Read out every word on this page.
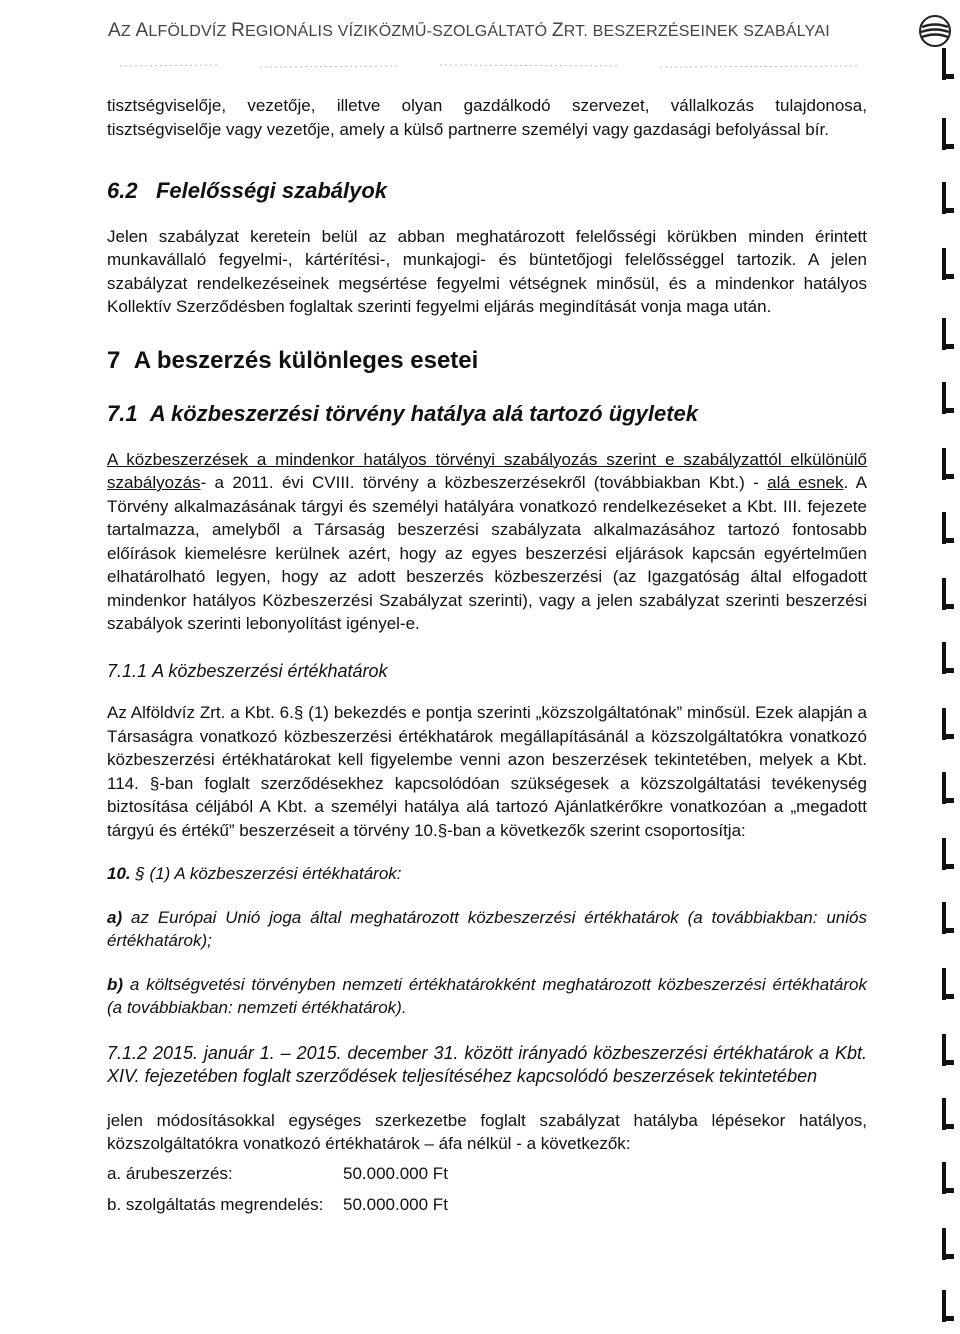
AZ ALFÖLDVÍZ REGIONÁLIS VÍZIKÖZMŰ-SZOLGÁLTATÓ ZRT. BESZERZÉSEINEK SZABÁLYAI

tisztségviselője, vezetője, illetve olyan gazdálkodó szervezet, vállalkozás tulajdonosa, tisztségviselője vagy vezetője, amely a külső partnerre személyi vagy gazdasági befolyással bír.

6.2 Felelősségi szabályok

Jelen szabályzat keretein belül az abban meghatározott felelősségi körükben minden érintett munkavállaló fegyelmi-, kártérítési-, munkajogi- és büntetőjogi felelősséggel tartozik. A jelen szabályzat rendelkezéseinek megsértése fegyelmi vétségnek minősül, és a mindenkor hatályos Kollektív Szerződésben foglaltak szerinti fegyelmi eljárás megindítását vonja maga után.

7 A beszerzés különleges esetei

7.1 A közbeszerzési törvény hatálya alá tartozó ügyletek

A közbeszerzések a mindenkor hatályos törvényi szabályozás szerint e szabályzattól elkülönülő szabályozás- a 2011. évi CVIII. törvény a közbeszerzésekről (továbbiakban Kbt.) - alá esnek. A Törvény alkalmazásának tárgyi és személyi hatályára vonatkozó rendelkezéseket a Kbt. III. fejezete tartalmazza, amelyből a Társaság beszerzési szabályzata alkalmazásához tartozó fontosabb előírások kiemelésre kerülnek azért, hogy az egyes beszerzési eljárások kapcsán egyértelműen elhatárolható legyen, hogy az adott beszerzés közbeszerzési (az Igazgatóság által elfogadott mindenkor hatályos Közbeszerzési Szabályzat szerinti), vagy a jelen szabályzat szerinti beszerzési szabályok szerinti lebonyolítást igényel-e.

7.1.1 A közbeszerzési értékhatárok

Az Alföldvíz Zrt. a Kbt. 6.§ (1) bekezdés e pontja szerinti „közszolgáltatónak” minősül. Ezek alapján a Társaságra vonatkozó közbeszerzési értékhatárok megállapításánál a közszolgáltatókra vonatkozó közbeszerzési értékhatárokat kell figyelembe venni azon beszerzések tekintetében, melyek a Kbt. 114. §-ban foglalt szerződésekhez kapcsolódóan szükségesek a közszolgáltatási tevékenység biztosítása céljából A Kbt. a személyi hatálya alá tartozó Ajánlatkérőkre vonatkozóan a „megadott tárgyú és értékű” beszerzéseit a törvény 10.§-ban a következők szerint csoportosítja:

10. § (1) A közbeszerzési értékhatárok:

a) az Európai Unió joga által meghatározott közbeszerzési értékhatárok (a továbbiakban: uniós értékhatárok);

b) a költségvetési törvényben nemzeti értékhatárokként meghatározott közbeszerzési értékhatárok (a továbbiakban: nemzeti értékhatárok).

7.1.2 2015. január 1. – 2015. december 31. között irányadó közbeszerzési értékhatárok a Kbt. XIV. fejezetében foglalt szerződések teljesítéséhez kapcsolódó beszerzések tekintetében

jelen módosításokkal egységes szerkezetbe foglalt szabályzat hatályba lépésekor hatályos, közszolgáltatókra vonatkozó értékhatárok – áfa nélkül - a következők:

a. árubeszerzés:	50.000.000 Ft
b. szolgáltatás megrendelés:	50.000.000 Ft
